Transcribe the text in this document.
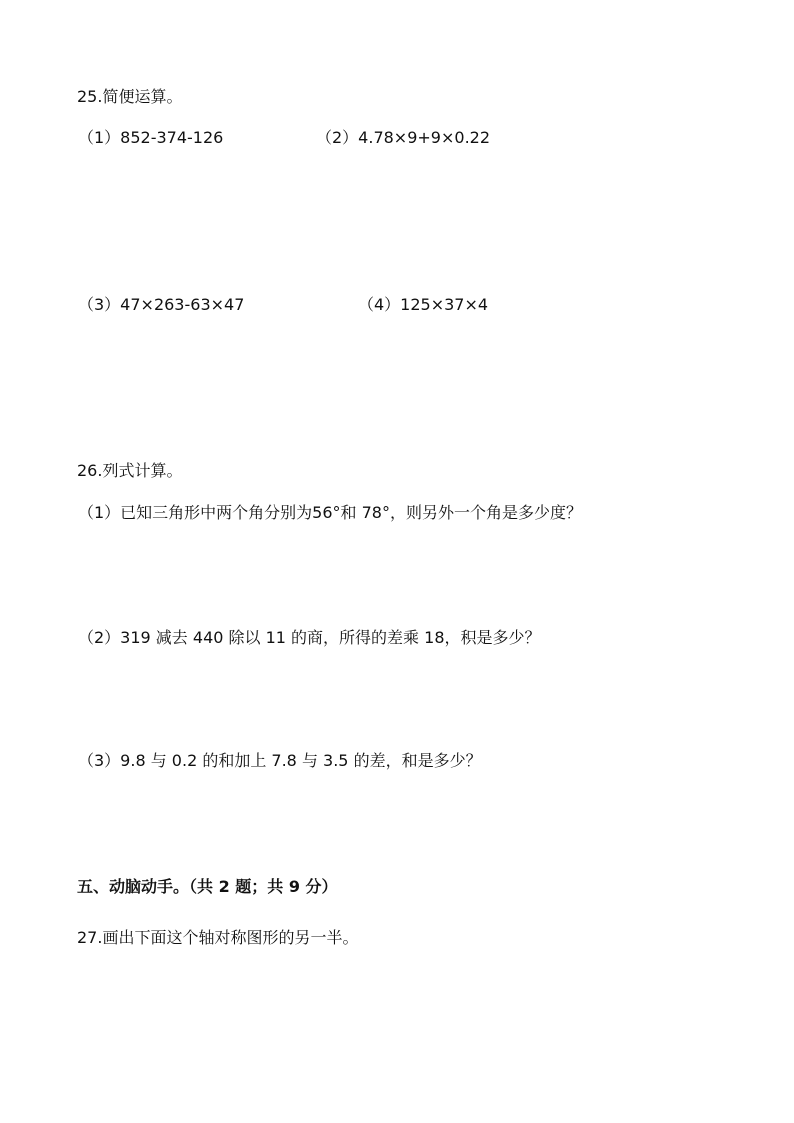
25.简便运算。
（1）852-374-126	（2）4.78×9+9×0.22
（3）47×263-63×47	（4）125×37×4
26.列式计算。
（1）已知三角形中两个角分别为56°和 78°，则另外一个角是多少度？
（2）319 减去 440 除以 11 的商，所得的差乘 18，积是多少？
（3）9.8 与 0.2 的和加上 7.8 与 3.5 的差，和是多少？
五、动脑动手。（共 2 题；共 9 分）
27.画出下面这个轴对称图形的另一半。
